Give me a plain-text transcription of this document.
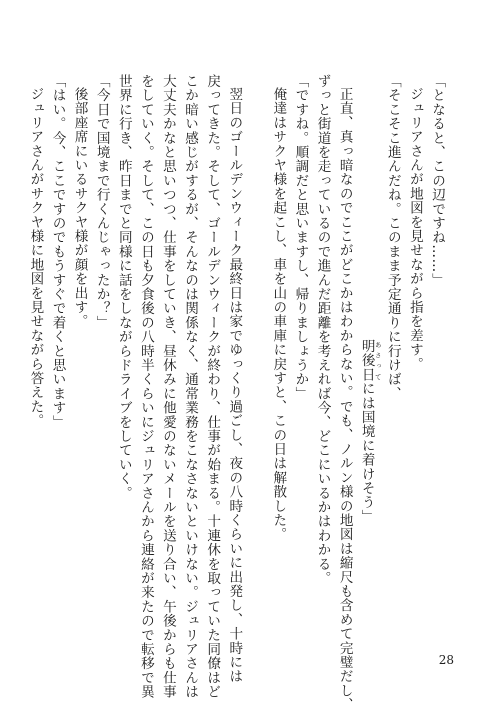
「となると、この辺ですね……」
ジュリアさんが地図を見せながら指を差す。
「そこそこ進んだね。このまま予定通りに行けば、
明後日 あさってには国境に着けそう」
正直、真っ暗なのでここがどこかはわからない。でも、ノルン様の地図は縮尺も含めて完璧だし、
ずっと街道を走っているので進んだ距離を考えれば今、どこにいるかはわかる。
「ですね。順調だと思いますし、帰りましょうか」
俺達はサクヤ様を起こし、車を山の車庫に戻すと、この日は解散した。
翌日のゴールデンウィーク最終日は家でゆっくり過ごし、夜の八時くらいに出発し、十時には
戻ってきた。そして、ゴールデンウィークが終わり、仕事が始まる。十連休を取っていた同僚はど
こか暗い感じがするが、そんなのは関係なく、通常業務をこなさないといけない。ジュリアさんは
大丈夫かなと思いつつ、仕事をしていき、昼休みに他愛のないメールを送り合い、午後からも仕事
をしていく。そして、この日も夕食後の八時半くらいにジュリアさんから連絡が来たので転移で異
世界に行き、昨日までと同様に話をしながらドライブをしていく。
「今日で国境まで行くんじゃったか？」
後部座席にいるサクヤ様が顔を出す。
「はい。今、ここですのでもうすぐで着くと思います」
ジュリアさんがサクヤ様に地図を見せながら答えた。
28
